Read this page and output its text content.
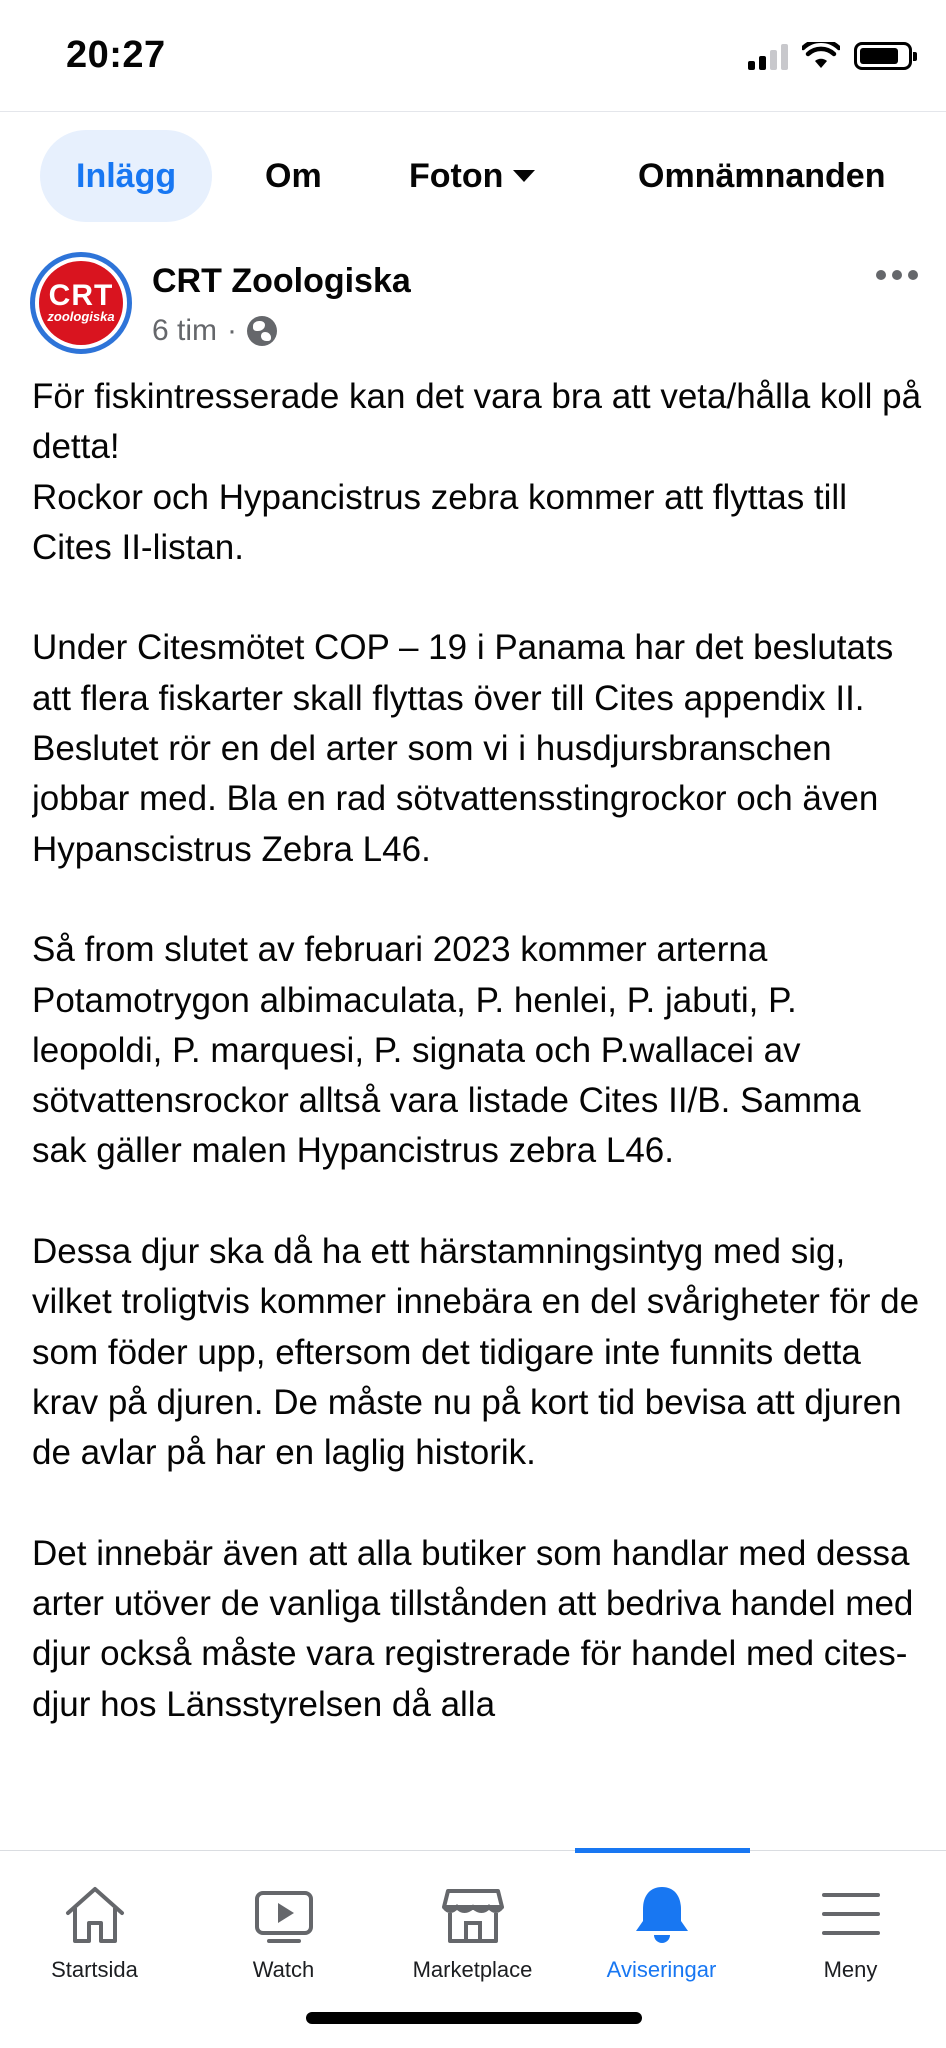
20:27
Inlägg	Om	Foton	Omnämnanden
CRT
zoologiska
CRT Zoologiska
6 tim ·

För fiskintresserade kan det vara bra att veta/hålla koll på detta!
Rockor och Hypancistrus zebra kommer att flyttas till Cites II-listan.

Under Citesmötet COP – 19 i Panama har det beslutats att flera fiskarter skall flyttas över till Cites appendix II. Beslutet rör en del arter som vi i husdjursbranschen jobbar med. Bla en rad sötvattensstingrockor och även Hypanscistrus Zebra L46.

Så from slutet av februari 2023 kommer arterna Potamotrygon albimaculata, P. henlei, P. jabuti, P. leopoldi, P. marquesi, P. signata och P.wallacei av sötvattensrockor alltså vara listade Cites II/B. Samma sak gäller malen Hypancistrus zebra L46.

Dessa djur ska då ha ett härstamningsintyg med sig, vilket troligtvis kommer innebära en del svårigheter för de som föder upp, eftersom det tidigare inte funnits detta krav på djuren. De måste nu på kort tid bevisa att djuren de avlar på har en laglig historik.

Det innebär även att alla butiker som handlar med dessa arter utöver de vanliga tillstånden att bedriva handel med djur också måste vara registrerade för handel med cites-djur hos Länsstyrelsen då alla

Startsida	Watch	Marketplace	Aviseringar	Meny
